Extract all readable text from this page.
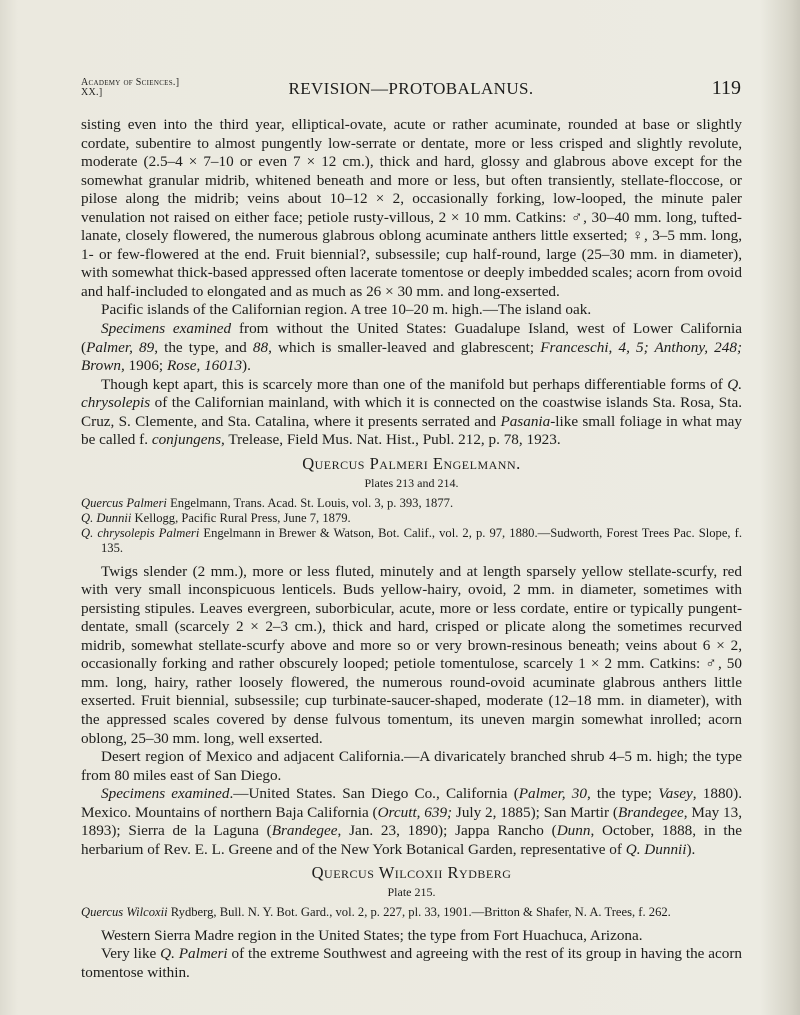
Academy of Sciences.]
XX.]	REVISION—PROTOBALANUS.	119

sisting even into the third year, elliptical-ovate, acute or rather acuminate, rounded at base or slightly cordate, subentire to almost pungently low-serrate or dentate, more or less crisped and slightly revolute, moderate (2.5–4 × 7–10 or even 7 × 12 cm.), thick and hard, glossy and glabrous above except for the somewhat granular midrib, whitened beneath and more or less, but often transiently, stellate-floccose, or pilose along the midrib; veins about 10–12 × 2, occasionally forking, low-looped, the minute paler venulation not raised on either face; petiole rusty-villous, 2 × 10 mm. Catkins: ♂, 30–40 mm. long, tufted-lanate, closely flowered, the numerous glabrous oblong acuminate anthers little exserted; ♀, 3–5 mm. long, 1- or few-flowered at the end. Fruit biennial?, subsessile; cup half-round, large (25–30 mm. in diameter), with somewhat thick-based appressed often lacerate tomentose or deeply imbedded scales; acorn from ovoid and half-included to elongated and as much as 26 × 30 mm. and long-exserted.

Pacific islands of the Californian region. A tree 10–20 m. high.—The island oak.

Specimens examined from without the United States: Guadalupe Island, west of Lower California (Palmer, 89, the type, and 88, which is smaller-leaved and glabrescent; Franceschi, 4, 5; Anthony, 248; Brown, 1906; Rose, 16013).

Though kept apart, this is scarcely more than one of the manifold but perhaps differentiable forms of Q. chrysolepis of the Californian mainland, with which it is connected on the coastwise islands Sta. Rosa, Sta. Cruz, S. Clemente, and Sta. Catalina, where it presents serrated and Pasania-like small foliage in what may be called f. conjungens, Trelease, Field Mus. Nat. Hist., Publ. 212, p. 78, 1923.

Quercus Palmeri Engelmann.

Plates 213 and 214.

Quercus Palmeri Engelmann, Trans. Acad. St. Louis, vol. 3, p. 393, 1877.

Q. Dunnii Kellogg, Pacific Rural Press, June 7, 1879.

Q. chrysolepis Palmeri Engelmann in Brewer & Watson, Bot. Calif., vol. 2, p. 97, 1880.—Sudworth, Forest Trees Pac. Slope, f. 135.

Twigs slender (2 mm.), more or less fluted, minutely and at length sparsely yellow stellate-scurfy, red with very small inconspicuous lenticels. Buds yellow-hairy, ovoid, 2 mm. in diameter, sometimes with persisting stipules. Leaves evergreen, suborbicular, acute, more or less cordate, entire or typically pungent-dentate, small (scarcely 2 × 2–3 cm.), thick and hard, crisped or plicate along the sometimes recurved midrib, somewhat stellate-scurfy above and more so or very brown-resinous beneath; veins about 6 × 2, occasionally forking and rather obscurely looped; petiole tomentulose, scarcely 1 × 2 mm. Catkins: ♂, 50 mm. long, hairy, rather loosely flowered, the numerous round-ovoid acuminate glabrous anthers little exserted. Fruit biennial, subsessile; cup turbinate-saucer-shaped, moderate (12–18 mm. in diameter), with the appressed scales covered by dense fulvous tomentum, its uneven margin somewhat inrolled; acorn oblong, 25–30 mm. long, well exserted.

Desert region of Mexico and adjacent California.—A divaricately branched shrub 4–5 m. high; the type from 80 miles east of San Diego.

Specimens examined.—United States. San Diego Co., California (Palmer, 30, the type; Vasey, 1880). Mexico. Mountains of northern Baja California (Orcutt, 639; July 2, 1885); San Martir (Brandegee, May 13, 1893); Sierra de la Laguna (Brandegee, Jan. 23, 1890); Jappa Rancho (Dunn, October, 1888, in the herbarium of Rev. E. L. Greene and of the New York Botanical Garden, representative of Q. Dunnii).

Quercus Wilcoxii Rydberg

Plate 215.

Quercus Wilcoxii Rydberg, Bull. N. Y. Bot. Gard., vol. 2, p. 227, pl. 33, 1901.—Britton & Shafer, N. A. Trees, f. 262.

Western Sierra Madre region in the United States; the type from Fort Huachuca, Arizona.

Very like Q. Palmeri of the extreme Southwest and agreeing with the rest of its group in having the acorn tomentose within.
